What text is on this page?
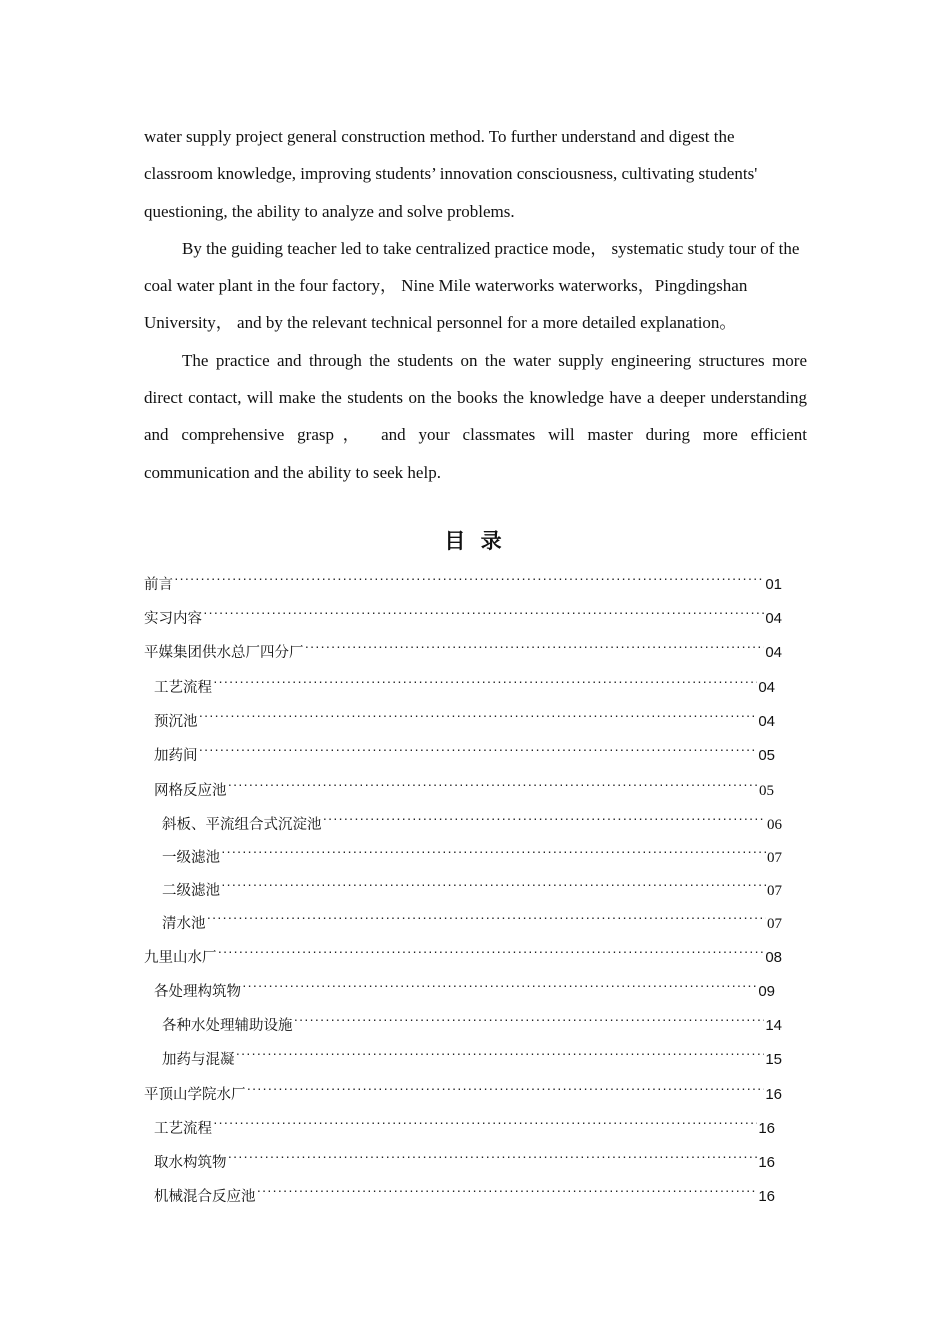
water supply project general construction method. To further understand and digest the classroom knowledge, improving students’ innovation consciousness, cultivating students' questioning, the ability to analyze and solve problems.

By the guiding teacher led to take centralized practice mode， systematic study tour of the coal water plant in the four factory， Nine Mile waterworks waterworks，Pingdingshan University， and by the relevant technical personnel for a more detailed explanation。

The practice and through the students on the water supply engineering structures more direct contact, will make the students on the books the knowledge have a deeper understanding and comprehensive grasp， and your classmates will master during more efficient communication and the ability to seek help.

目 录
前言 ·····	01
实习内容 ·····	04
平媒集团供水总厂四分厂 ·····	04
工艺流程 ·····	04
预沉池 ·····	04
加药间 ·····	05
网格反应池 ·····	05
斜板、平流组合式沉淀池 ·····	06
一级滤池 ·····	07
二级滤池 ·····	07
清水池 ·····	07
九里山水厂 ·····	08
各处理构筑物 ·····	09
各种水处理辅助设施 ·····	14
加药与混凝 ·····	15
平顶山学院水厂 ·····	16
工艺流程 ·····	16
取水构筑物 ·····	16
机械混合反应池 ·····	16
